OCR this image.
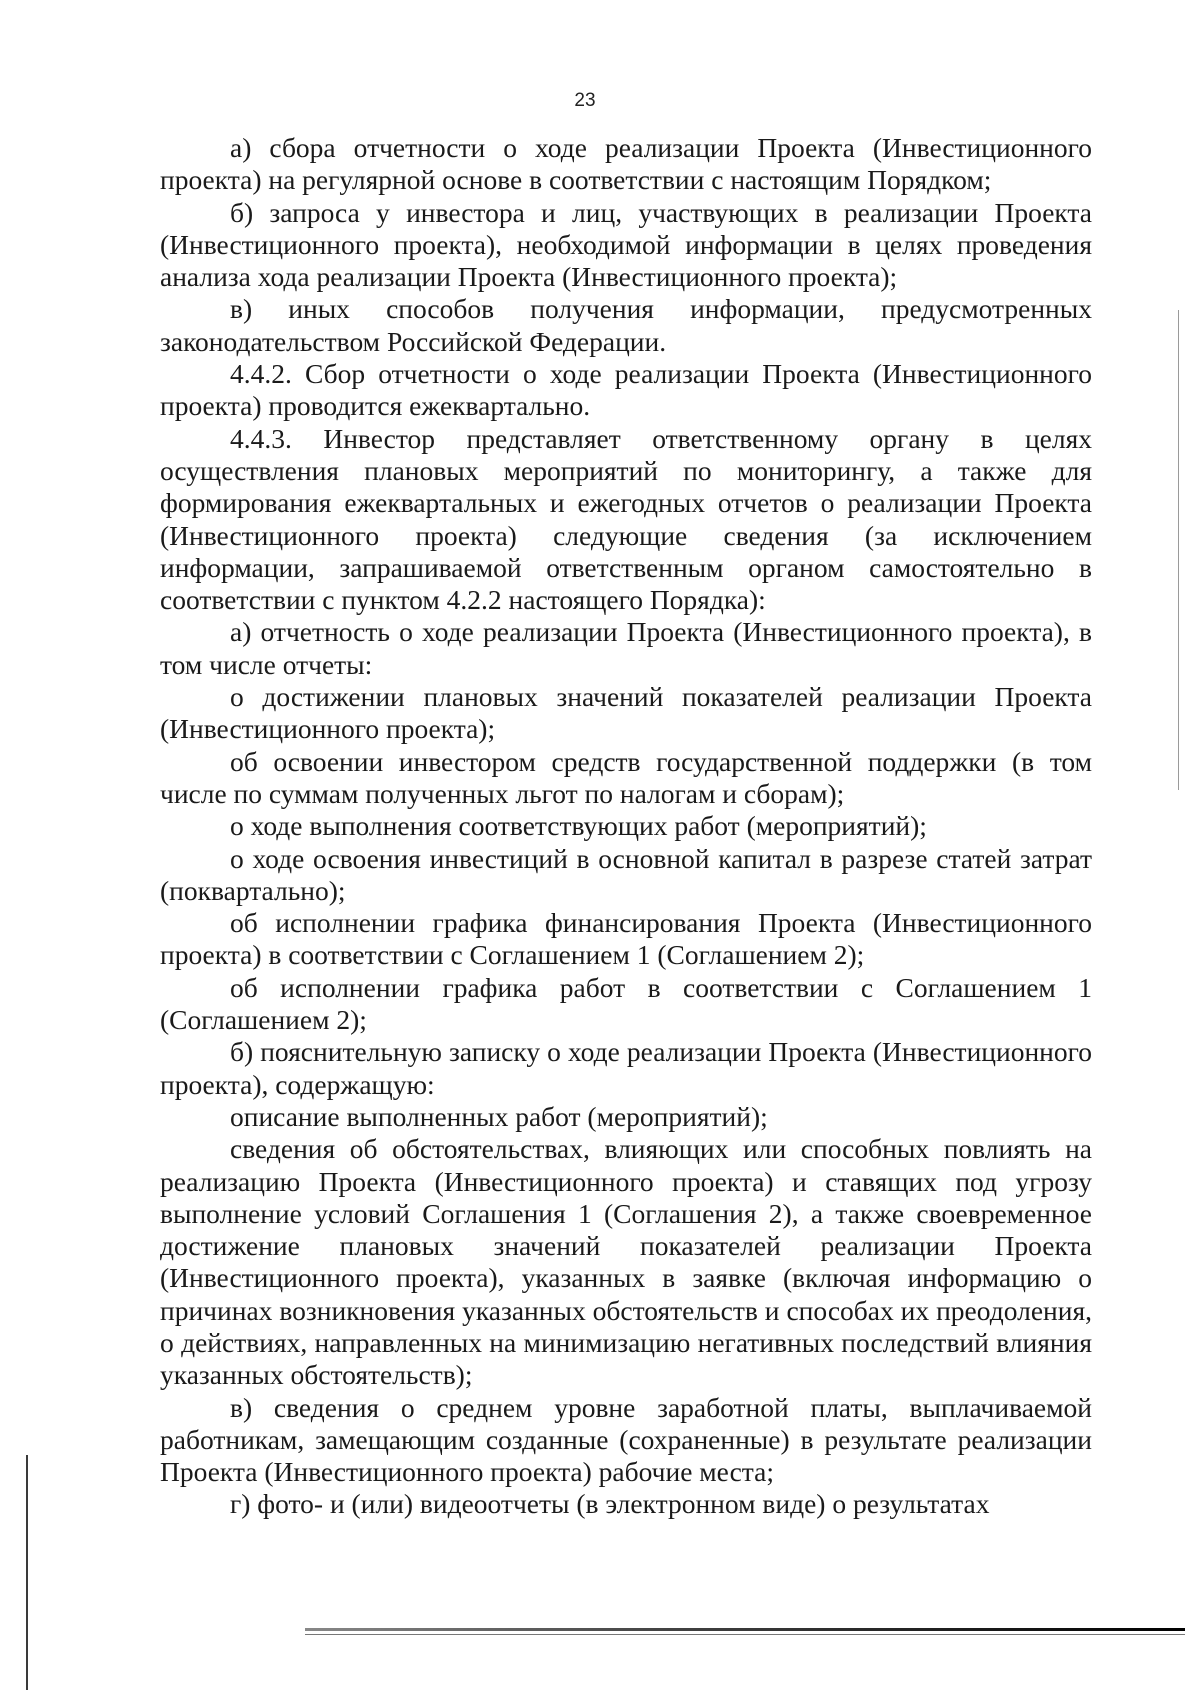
23

а) сбора отчетности о ходе реализации Проекта (Инвестиционного проекта) на регулярной основе в соответствии с настоящим Порядком;

б) запроса у инвестора и лиц, участвующих в реализации Проекта (Инвестиционного проекта), необходимой информации в целях проведения анализа хода реализации Проекта (Инвестиционного проекта);

в) иных способов получения информации, предусмотренных законодательством Российской Федерации.

4.4.2. Сбор отчетности о ходе реализации Проекта (Инвестиционного проекта) проводится ежеквартально.

4.4.3. Инвестор представляет ответственному органу в целях осуществления плановых мероприятий по мониторингу, а также для формирования ежеквартальных и ежегодных отчетов о реализации Проекта (Инвестиционного проекта) следующие сведения (за исключением информации, запрашиваемой ответственным органом самостоятельно в соответствии с пунктом 4.2.2 настоящего Порядка):

а) отчетность о ходе реализации Проекта (Инвестиционного проекта), в том числе отчеты:

о достижении плановых значений показателей реализации Проекта (Инвестиционного проекта);

об освоении инвестором средств государственной поддержки (в том числе по суммам полученных льгот по налогам и сборам);

о ходе выполнения соответствующих работ (мероприятий);

о ходе освоения инвестиций в основной капитал в разрезе статей затрат (поквартально);

об исполнении графика финансирования Проекта (Инвестиционного проекта) в соответствии с Соглашением 1 (Соглашением 2);

об исполнении графика работ в соответствии с Соглашением 1 (Соглашением 2);

б) пояснительную записку о ходе реализации Проекта (Инвестиционного проекта), содержащую:

описание выполненных работ (мероприятий);

сведения об обстоятельствах, влияющих или способных повлиять на реализацию Проекта (Инвестиционного проекта) и ставящих под угрозу выполнение условий Соглашения 1 (Соглашения 2), а также своевременное достижение плановых значений показателей реализации Проекта (Инвестиционного проекта), указанных в заявке (включая информацию о причинах возникновения указанных обстоятельств и способах их преодоления, о действиях, направленных на минимизацию негативных последствий влияния указанных обстоятельств);

в) сведения о среднем уровне заработной платы, выплачиваемой работникам, замещающим созданные (сохраненные) в результате реализации Проекта (Инвестиционного проекта) рабочие места;

г) фото- и (или) видеоотчеты (в электронном виде) о результатах
